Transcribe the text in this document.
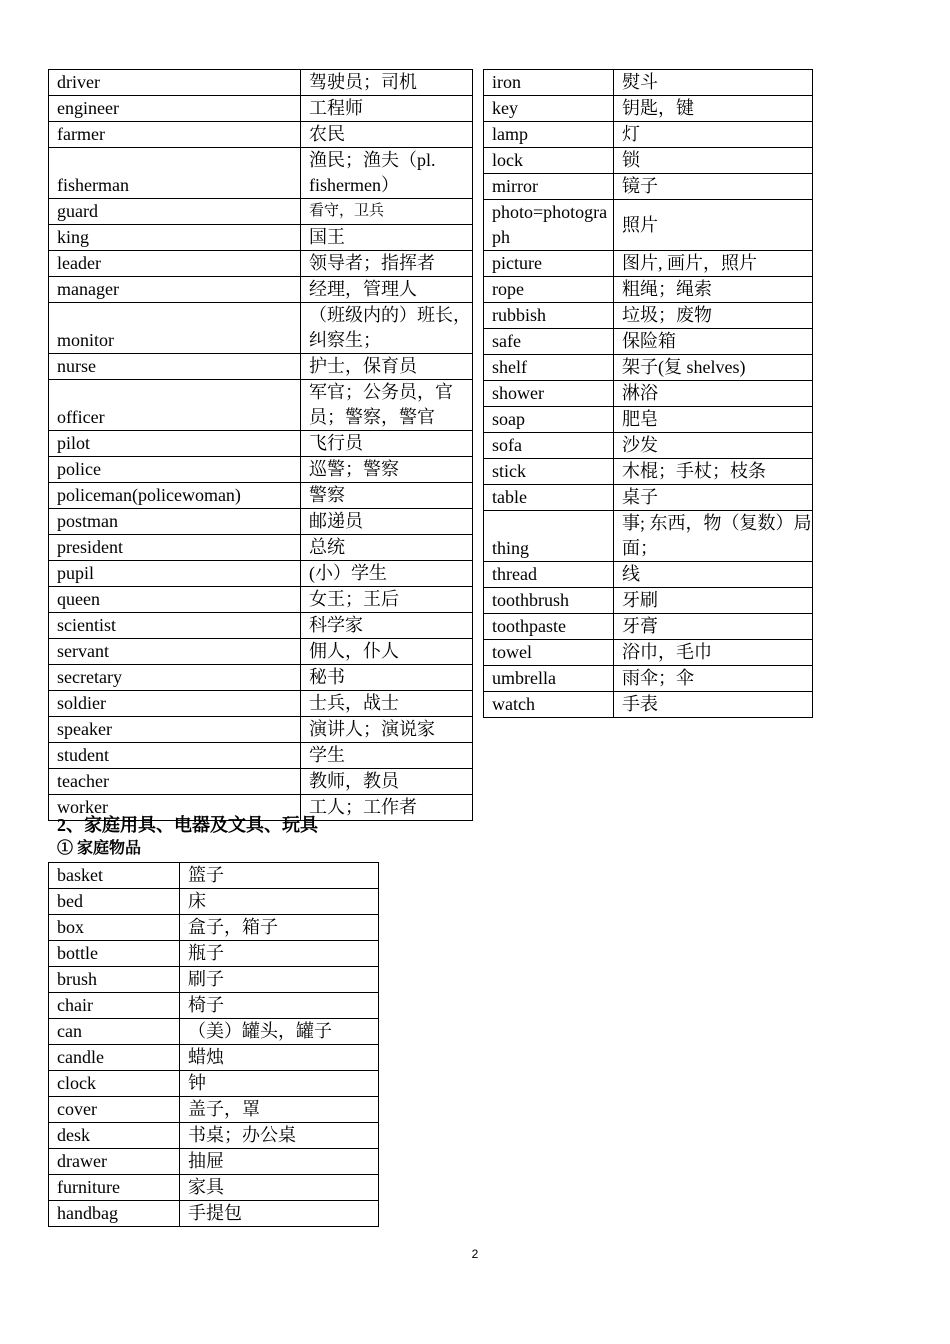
driver	驾驶员；司机
engineer	工程师
farmer	农民
fisherman	渔民；渔夫（pl. fishermen）
guard	看守，卫兵
king	国王
leader	领导者；指挥者
manager	经理，管理人
monitor	（班级内的）班长，纠察生；
nurse	护士，保育员
officer	军官；公务员，官员；警察，警官
pilot	飞行员
police	巡警；警察
policeman(policewoman)	警察
postman	邮递员
president	总统
pupil	(小）学生
queen	女王；王后
scientist	科学家
servant	佣人，仆人
secretary	秘书
soldier	士兵，战士
speaker	演讲人；演说家
student	学生
teacher	教师，教员
worker	工人；工作者
iron	熨斗
key	钥匙，键
lamp	灯
lock	锁
mirror	镜子
photo=photograph	照片
picture	图片, 画片，照片
rope	粗绳；绳索
rubbish	垃圾；废物
safe	保险箱
shelf	架子(复 shelves)
shower	淋浴
soap	肥皂
sofa	沙发
stick	木棍；手杖；枝条
table	桌子
thing	事; 东西，物（复数）局面；
thread	线
toothbrush	牙刷
toothpaste	牙膏
towel	浴巾，毛巾
umbrella	雨伞；伞
watch	手表
2、家庭用具、电器及文具、玩具
① 家庭物品
basket	篮子
bed	床
box	盒子，箱子
bottle	瓶子
brush	刷子
chair	椅子
can	（美）罐头，罐子
candle	蜡烛
clock	钟
cover	盖子，罩
desk	书桌；办公桌
drawer	抽屉
furniture	家具
handbag	手提包
2
